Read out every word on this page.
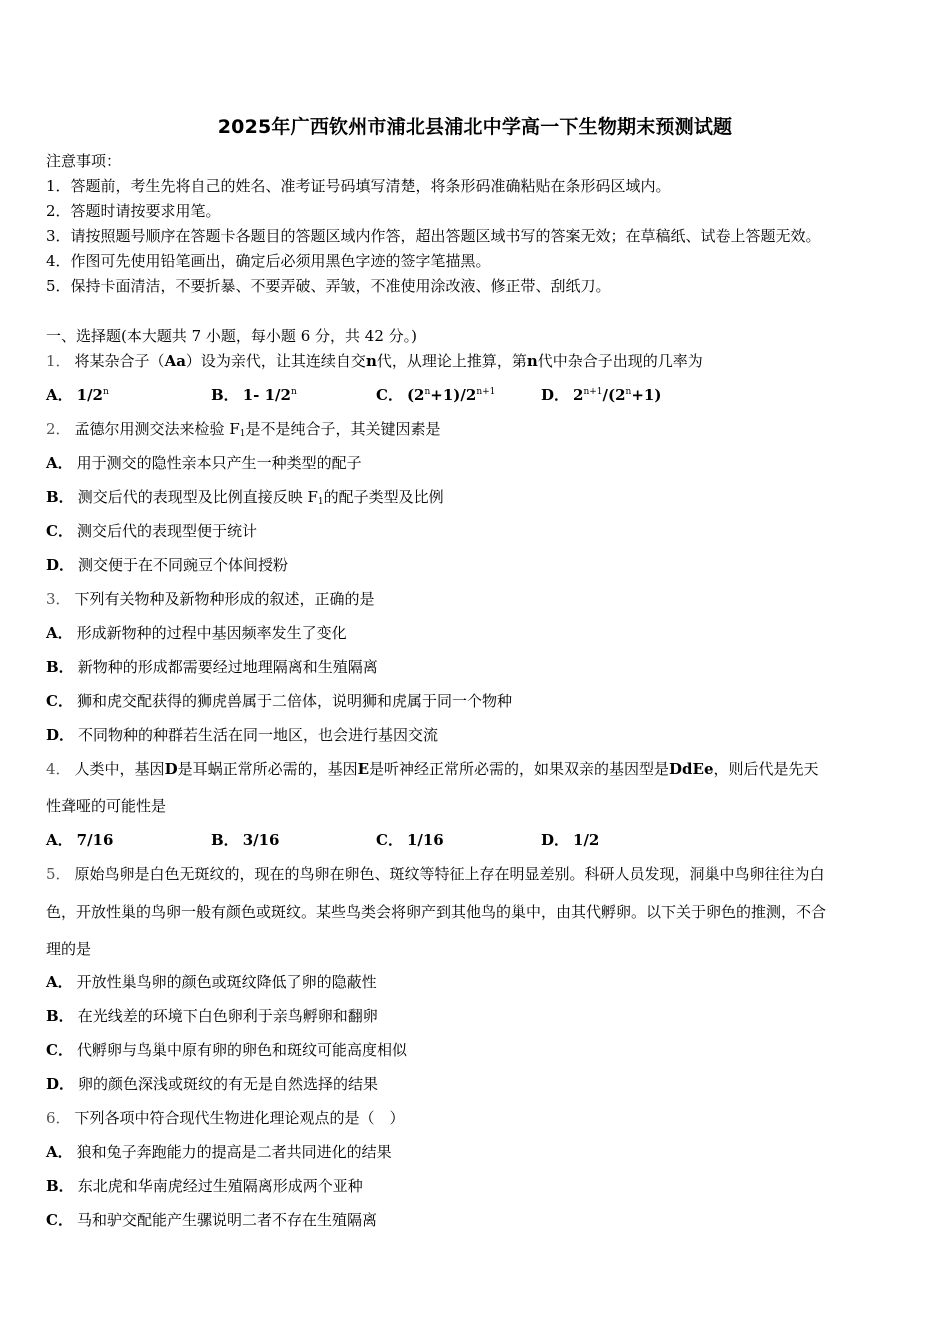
2025年广西钦州市浦北县浦北中学高一下生物期末预测试题
注意事项：
1．答题前，考生先将自己的姓名、准考证号码填写清楚，将条形码准确粘贴在条形码区域内。
2．答题时请按要求用笔。
3．请按照题号顺序在答题卡各题目的答题区域内作答，超出答题区域书写的答案无效；在草稿纸、试卷上答题无效。
4．作图可先使用铅笔画出，确定后必须用黑色字迹的签字笔描黑。
5．保持卡面清洁，不要折暴、不要弄破、弄皱，不准使用涂改液、修正带、刮纸刀。
一、选择题(本大题共 7 小题，每小题 6 分，共 42 分。)
1． 将某杂合子（Aa）设为亲代，让其连续自交n代，从理论上推算，第n代中杂合子出现的几率为
A． 1/2$^n$	B． 1- 1/2$^n$	C． $(2^n+1)/2^{n+1}$	D． $2^{n+1}/(2^n+1)$
2． 孟德尔用测交法来检验 $F_1$是不是纯合子，其关键因素是
A． 用于测交的隐性亲本只产生一种类型的配子
B． 测交后代的表现型及比例直接反映 $F_1$的配子类型及比例
C． 测交后代的表现型便于统计
D． 测交便于在不同豌豆个体间授粉
3． 下列有关物种及新物种形成的叙述，正确的是
A． 形成新物种的过程中基因频率发生了变化
B． 新物种的形成都需要经过地理隔离和生殖隔离
C． 狮和虎交配获得的狮虎兽属于二倍体，说明狮和虎属于同一个物种
D． 不同物种的种群若生活在同一地区，也会进行基因交流
4． 人类中，基因D是耳蜗正常所必需的，基因E是听神经正常所必需的，如果双亲的基因型是DdEe，则后代是先天
性聋哑的可能性是
A． 7/16	B． 3/16	C． 1/16	D． 1/2
5． 原始鸟卵是白色无斑纹的，现在的鸟卵在卵色、斑纹等特征上存在明显差别。科研人员发现，洞巢中鸟卵往往为白
色，开放性巢的鸟卵一般有颜色或斑纹。某些鸟类会将卵产到其他鸟的巢中，由其代孵卵。以下关于卵色的推测，不合
理的是
A． 开放性巢鸟卵的颜色或斑纹降低了卵的隐蔽性
B． 在光线差的环境下白色卵利于亲鸟孵卵和翻卵
C． 代孵卵与鸟巢中原有卵的卵色和斑纹可能高度相似
D． 卵的颜色深浅或斑纹的有无是自然选择的结果
6． 下列各项中符合现代生物进化理论观点的是（　）
A． 狼和兔子奔跑能力的提高是二者共同进化的结果
B． 东北虎和华南虎经过生殖隔离形成两个亚种
C． 马和驴交配能产生骡说明二者不存在生殖隔离
